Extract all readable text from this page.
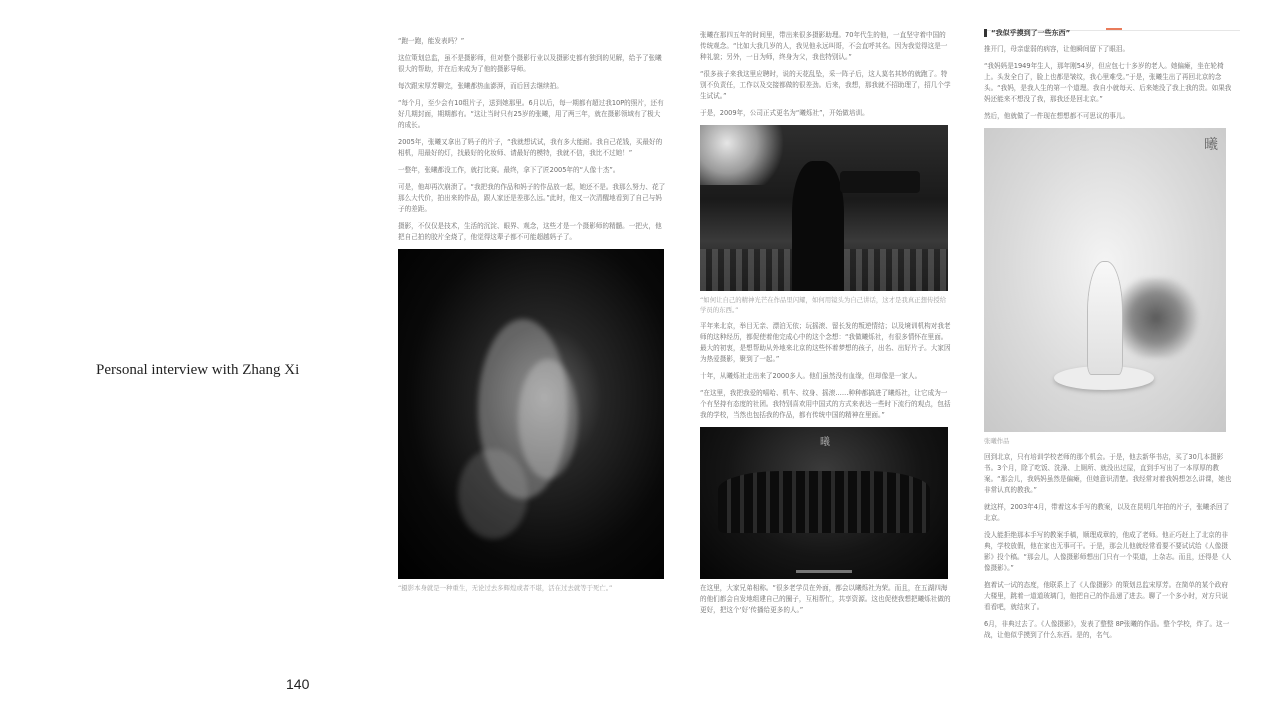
Personal interview with Zhang Xi
140

“跑一跑，能发表吗？”

这位策划总监，虽不是摄影师，但对整个摄影行业以及摄影史都有独到的见解，给予了张曦很大的帮助，并在后来成为了他的摄影导师。

每次跟宋厚芳聊完，张曦都热血澎湃，而后回去继续拍。

“每个月，至少会有10组片子，送到她那里。6月以后，每一期都有超过我10P的照片，还有好几期封面，期期都有。“这让当时只有25岁的张曦，用了两三年，就在摄影领域有了极大的成长。

2005年，张曦又拿出了妈子的片子，“我就想试试，我有多大能耐。我自己花钱，买最好的相机，用最好的灯，找最好的化妆师、请最好的模特，我就不信，我比不过她！”

一整年，张曦都没工作，就打比赛。最终，拿下了匠2005年的“人像十杰”。

可是，他却再次崩溃了。“我把我的作品和妈子的作品放一起，她还不是。我那么努力、花了那么大代价，拍出来的作品，跟人家还是差那么远。”此时，他又一次清醒地看到了自己与妈子的差距。

摄影，不仅仅是技术，生活的沉淀、眼界、观念，这些才是一个摄影师的精髓。一把火，他把自己拍的胶片全烧了，他觉得这辈子都不可能超越妈子了。

“摄影本身就是一种重生，无论过去多辉煌或者不堪，活在过去就等于死亡。”

张曦在那四五年的时间里，带出来很多摄影助理。70年代生的他，一直坚守着中国的传统观念。“比如大我几岁的人，我见他永远叫哥，不会直呼其名。因为我觉得这是一种礼貌；另外，一日为师，终身为父，我也特别认。”

“很多孩子来我这里应聘时，说的天花乱坠，采一阵子后，这人莫名其妙的就跑了。特别不负责任，工作以及交接都做的很差劲。后来，我想，那我就不招助理了，招几个学生试试。”

于是，2009年，公司正式更名为“曦烁社”，开始做培训。

“如何让自己的精神光芒在作品里闪耀，如何用镜头为自己讲话，这才是我真正想传授给学员的东西。”

平年来北京，举目无亲、漂泊无依；玩摇滚、留长发的叛逆情结；以及境训机构对我老师的这种经历，都促使着他完成心中的这个念想：“我做曦烁社，有很多情怀在里面。最大的初衷，是想帮助从外地来北京的这些怀着梦想的孩子，出名、出好片子。大家因为热爱摄影，聚到了一起。”

十年，从曦烁社走出来了2000多人。他们虽然没有血缘，但却像是一家人。

“在这里，我把我爱的嘻哈、机车、纹身、摇滚……种种都搞进了曦烁社，让它成为一个有坚持有态度的社团。我特别喜欢用中国式的方式来表达一些时下流行的观点，包括我的学校，当然也包括我的作品，都有传统中国的精神在里面。”

曦

在这里，大家兄弟相称。“很多老学员在外面，都会以曦烁社为荣。而且，在五湖四海的他们都会自发地组建自己的圈子，互相帮忙，共享资源。这也促使我想把曦烁社做的更好，把这个‘好’传播给更多的人。”

“我似乎摸到了一些东西”

推开门，母亲虚弱的病容，让他瞬间留下了眼泪。

“我妈妈是1949年生人，那年刚54岁，但应包七十多岁的老人。她偏瘫，坐在轮椅上。头发全白了，脸上也都是皱纹，我心里难受。”于是，张曦生出了再回北京的念头。“我妈，是我人生的第一个道理。我自小就每天、后来她没了我上我的贵。如果我妈还能来不想没了我，那我还是回北京。”

然后，他就做了一件现在想想都不可思议的事儿。

曦
张曦作品

回到北京，只有培训学校老师的那个机会。于是，他去新华书店，买了30几本摄影书。3个月，除了吃饭、洗澡、上厕所、就没出过屋，直到手写出了一本厚厚的教案。“那会儿，我妈妈虽然是偏瘫，但她意识清楚。我经常对着我妈想怎么讲课，她也非常认真的教我。”

就这样，2003年4月，带着这本手写的教案，以及在昆明几年拍的片子，张曦杀回了北京。

没人能拒绝那本手写的教案手稿，顺理成章的，他成了老师。他正巧赶上了北京的非典，学校放假，他在家也无事可干。于是，那会儿他就经常看要不要试试给《人像摄影》投个稿。“那会儿，人像摄影师想出门只有一个渠道，上杂志。而且，还得是《人像摄影》。”

抱着试一试的态度，他联系上了《人像摄影》的策划总监宋厚芳。在简单的某个政府大楼里，跳着一道道玻璃门，他把自己的作品递了进去。聊了一个多小时，对方只说看看吧，就结束了。

6月，非典过去了。《人像摄影》，发表了整整 8P张曦的作品。整个学校，炸了。这一战，让他似乎摸到了什么东西。是的，名气。
